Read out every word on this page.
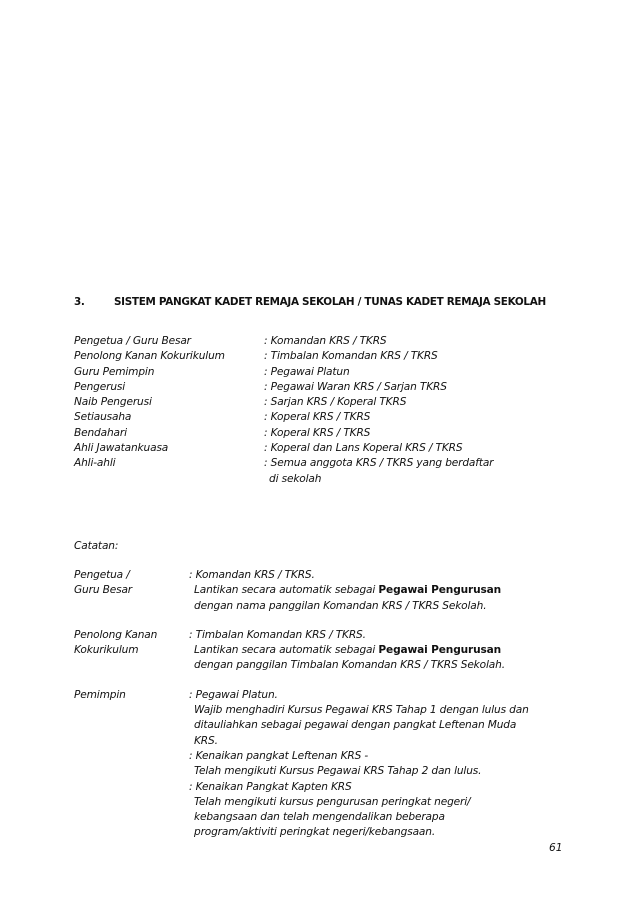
3.	SISTEM PANGKAT KADET REMAJA SEKOLAH / TUNAS KADET REMAJA SEKOLAH
Pengetua / Guru Besar	: Komandan KRS / TKRS
Penolong Kanan Kokurikulum	: Timbalan Komandan KRS / TKRS
Guru Pemimpin	: Pegawai Platun
Pengerusi	: Pegawai Waran KRS / Sarjan TKRS
Naib Pengerusi	: Sarjan KRS / Koperal TKRS
Setiausaha	: Koperal KRS / TKRS
Bendahari	: Koperal KRS / TKRS
Ahli Jawatankuasa	: Koperal dan Lans Koperal KRS / TKRS
Ahli-ahli	: Semua anggota KRS / TKRS yang berdaftar
di sekolah
Catatan:
Pengetua /
Guru Besar
: Komandan KRS / TKRS.
Lantikan secara automatik sebagai Pegawai Pengurusan
dengan nama panggilan Komandan KRS / TKRS Sekolah.
Penolong Kanan
Kokurikulum
: Timbalan Komandan KRS / TKRS.
Lantikan secara automatik sebagai Pegawai Pengurusan
dengan panggilan Timbalan Komandan KRS / TKRS Sekolah.
Pemimpin	: Pegawai Platun.
Wajib menghadiri Kursus Pegawai KRS Tahap 1 dengan lulus dan
ditauliahkan sebagai pegawai dengan pangkat Leftenan Muda
KRS.
: Kenaikan pangkat Leftenan KRS -
Telah mengikuti Kursus Pegawai KRS Tahap 2 dan lulus.
: Kenaikan Pangkat Kapten KRS
Telah mengikuti kursus pengurusan peringkat negeri/
kebangsaan dan telah mengendalikan beberapa
program/aktiviti peringkat negeri/kebangsaan.
61
